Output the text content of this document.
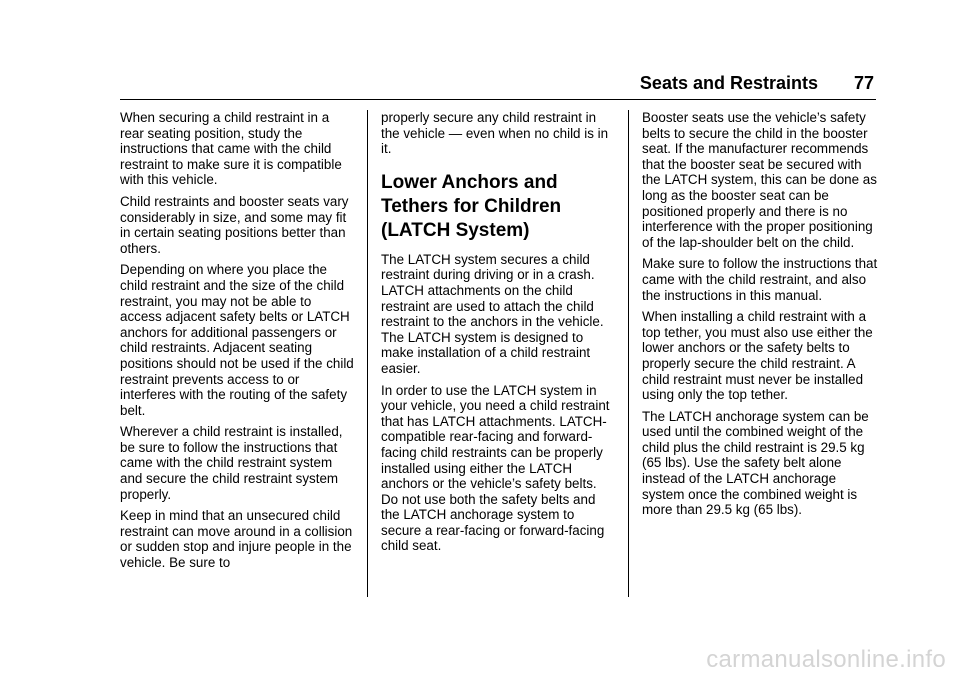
Seats and Restraints 77

When securing a child restraint in a rear seating position, study the instructions that came with the child restraint to make sure it is compatible with this vehicle.

Child restraints and booster seats vary considerably in size, and some may fit in certain seating positions better than others.

Depending on where you place the child restraint and the size of the child restraint, you may not be able to access adjacent safety belts or LATCH anchors for additional passengers or child restraints. Adjacent seating positions should not be used if the child restraint prevents access to or interferes with the routing of the safety belt.

Wherever a child restraint is installed, be sure to follow the instructions that came with the child restraint system and secure the child restraint system properly.

Keep in mind that an unsecured child restraint can move around in a collision or sudden stop and injure people in the vehicle. Be sure to

properly secure any child restraint in the vehicle — even when no child is in it.

Lower Anchors and Tethers for Children (LATCH System)

The LATCH system secures a child restraint during driving or in a crash. LATCH attachments on the child restraint are used to attach the child restraint to the anchors in the vehicle. The LATCH system is designed to make installation of a child restraint easier.

In order to use the LATCH system in your vehicle, you need a child restraint that has LATCH attachments. LATCH-compatible rear-facing and forward-facing child restraints can be properly installed using either the LATCH anchors or the vehicle’s safety belts. Do not use both the safety belts and the LATCH anchorage system to secure a rear-facing or forward-facing child seat.

Booster seats use the vehicle’s safety belts to secure the child in the booster seat. If the manufacturer recommends that the booster seat be secured with the LATCH system, this can be done as long as the booster seat can be positioned properly and there is no interference with the proper positioning of the lap-shoulder belt on the child.

Make sure to follow the instructions that came with the child restraint, and also the instructions in this manual.

When installing a child restraint with a top tether, you must also use either the lower anchors or the safety belts to properly secure the child restraint. A child restraint must never be installed using only the top tether.

The LATCH anchorage system can be used until the combined weight of the child plus the child restraint is 29.5 kg (65 lbs). Use the safety belt alone instead of the LATCH anchorage system once the combined weight is more than 29.5 kg (65 lbs).

carmanualsonline.info
